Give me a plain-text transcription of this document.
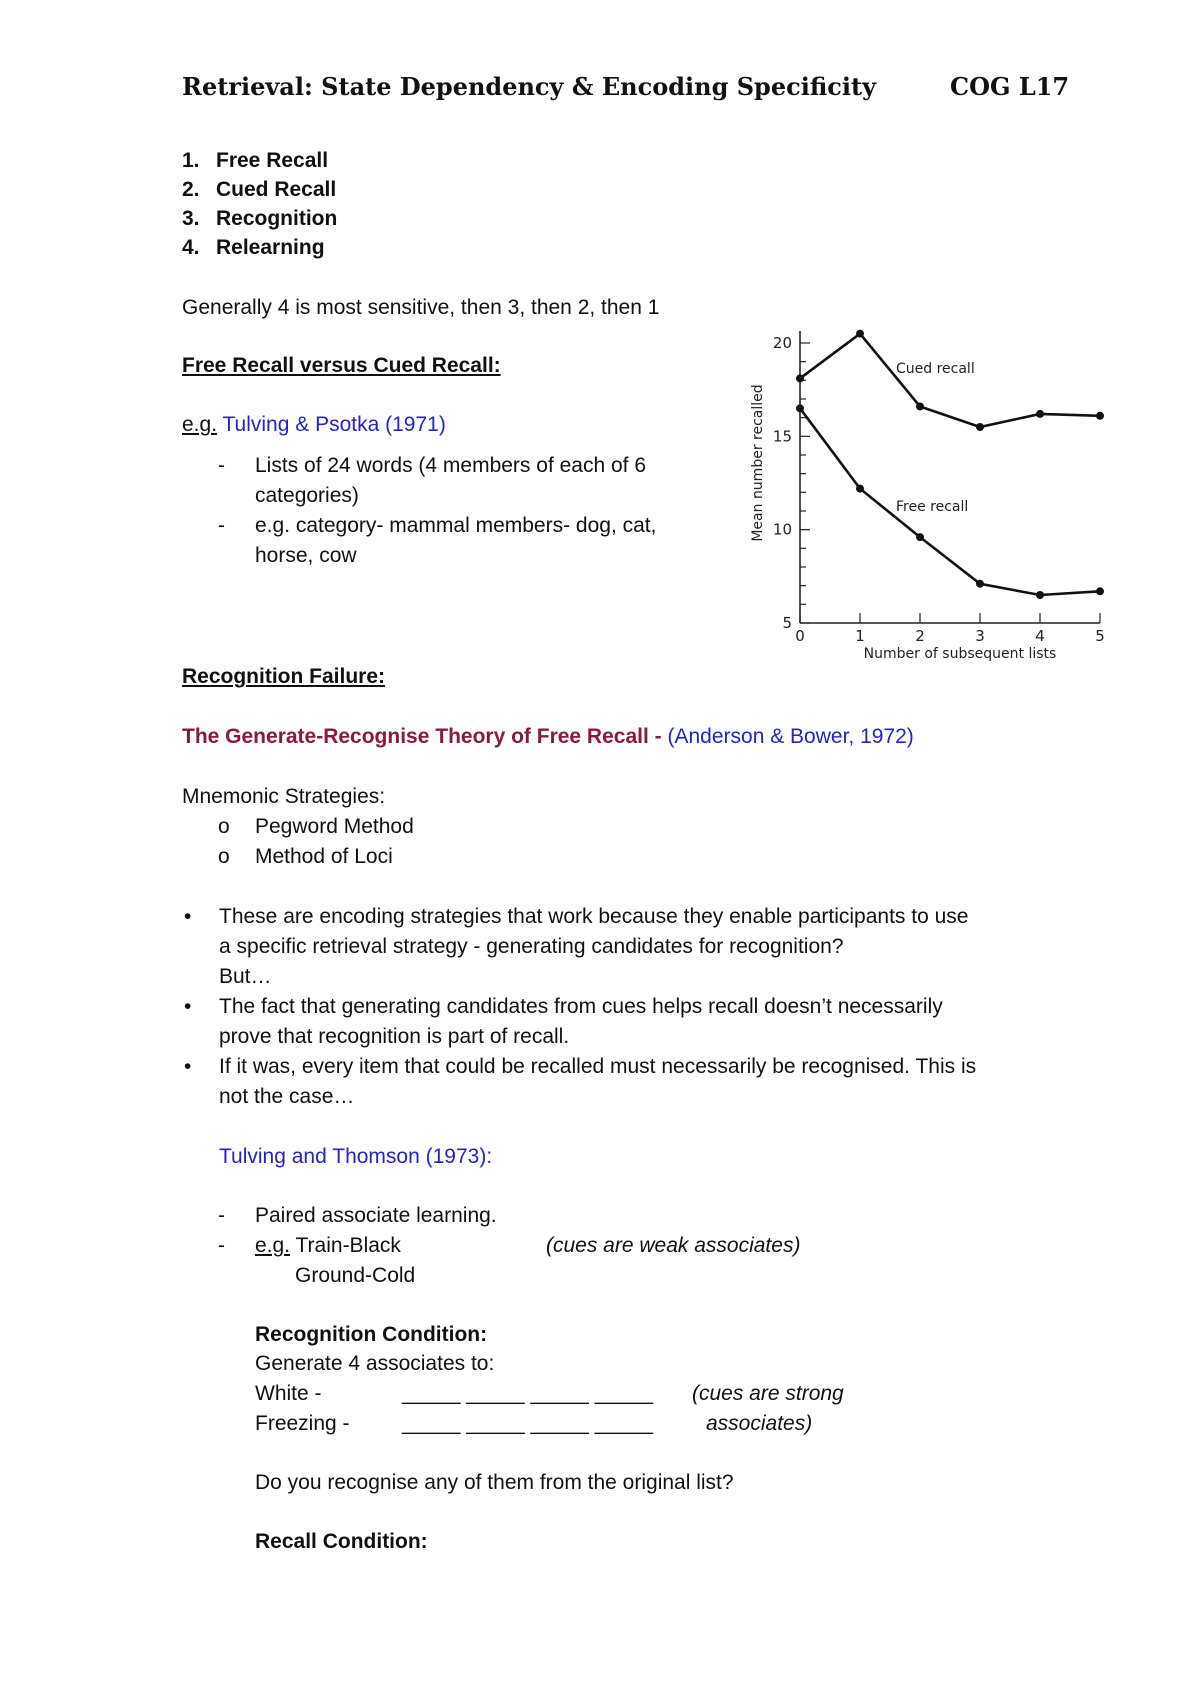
Retrieval: State Dependency & Encoding Specificity	COG L17
1. Free Recall
2. Cued Recall
3. Recognition
4. Relearning
Generally 4 is most sensitive, then 3, then 2, then 1
Free Recall versus Cued Recall:
e.g. Tulving & Psotka (1971)
- Lists of 24 words (4 members of each of 6
categories)
- e.g. category- mammal members- dog, cat,
horse, cow
5
10
15
20
0	1	2	3	4	5
Number of subsequent lists
Mean number recalled
Cued recall
Free recall
Recognition Failure:
The Generate-Recognise Theory of Free Recall - (Anderson & Bower, 1972)
Mnemonic Strategies:
o Pegword Method
o Method of Loci
• These are encoding strategies that work because they enable participants to use
a specific retrieval strategy - generating candidates for recognition?
But…
• The fact that generating candidates from cues helps recall doesn’t necessarily
prove that recognition is part of recall.
• If it was, every item that could be recalled must necessarily be recognised. This is
not the case…
Tulving and Thomson (1973):
- Paired associate learning.
- e.g. Train-Black	(cues are weak associates)
Ground-Cold
Recognition Condition:
Generate 4 associates to:
White -	_____ _____ _____ _____ (cues are strong
Freezing - _____ _____ _____ _____	associates)
Do you recognise any of them from the original list?
Recall Condition:
